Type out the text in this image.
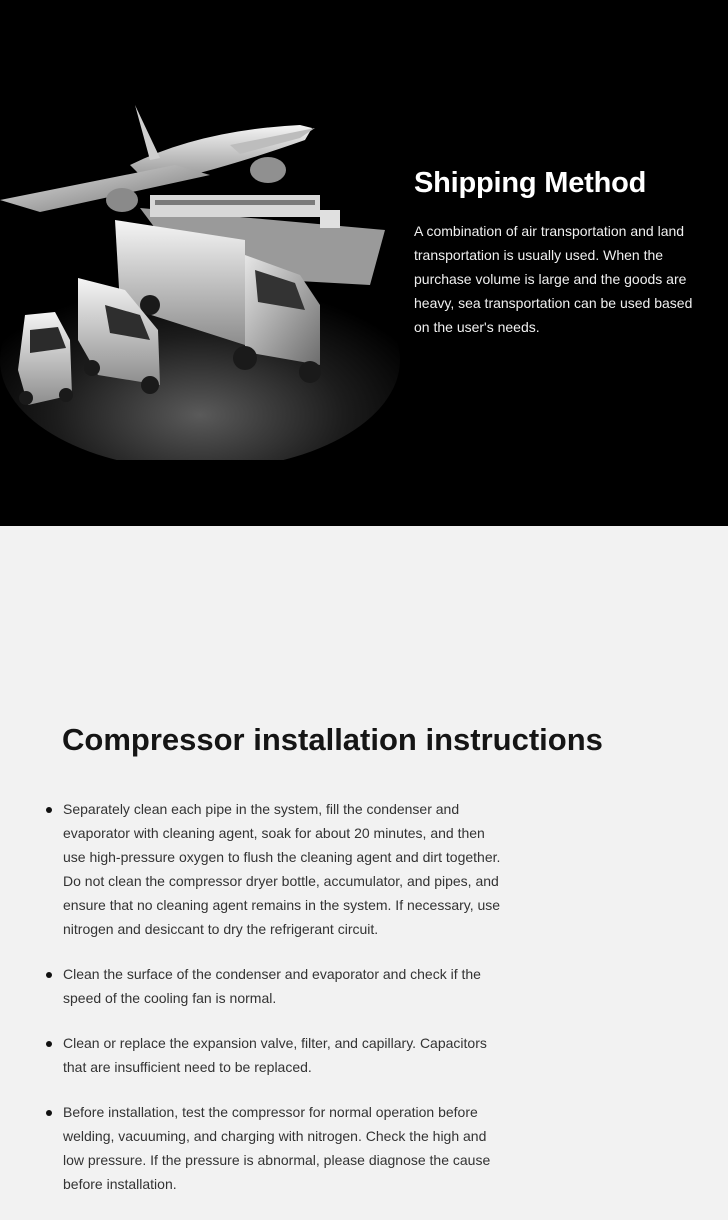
Shipping Method

A combination of air transportation and land transportation is usually used. When the purchase volume is large and the goods are heavy, sea transportation can be used based on the user's needs.

Compressor installation instructions
Separately clean each pipe in the system, fill the condenser and evaporator with cleaning agent, soak for about 20 minutes, and then use high-pressure oxygen to flush the cleaning agent and dirt together. Do not clean the compressor dryer bottle, accumulator, and pipes, and ensure that no cleaning agent remains in the system. If necessary, use nitrogen and desiccant to dry the refrigerant circuit.
Clean the surface of the condenser and evaporator and check if the speed of the cooling fan is normal.
Clean or replace the expansion valve, filter, and capillary. Capacitors that are insufficient need to be replaced.
Before installation, test the compressor for normal operation before welding, vacuuming, and charging with nitrogen. Check the high and low pressure. If the pressure is abnormal, please diagnose the cause before installation.
